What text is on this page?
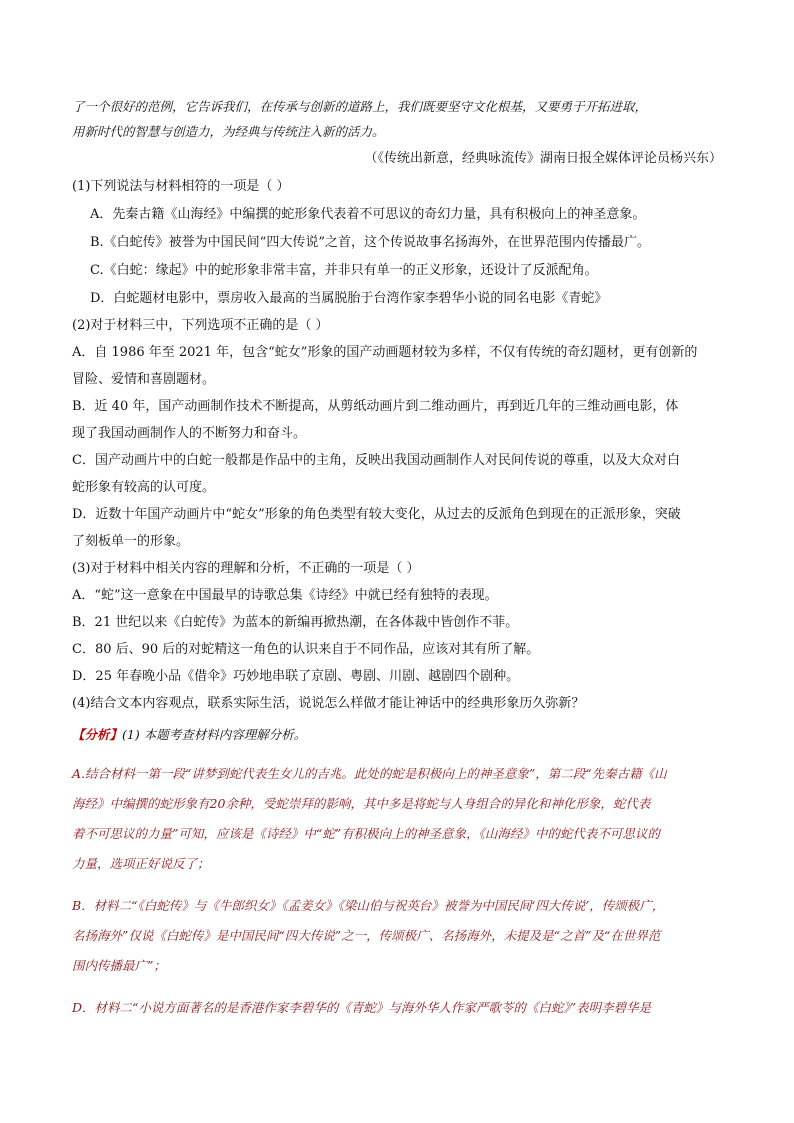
了一个很好的范例，它告诉我们，在传承与创新的道路上，我们既要坚守文化根基，又要勇于开拓进取，
用新时代的智慧与创造力，为经典与传统注入新的活力。
（《传统出新意，经典咏流传》湖南日报全媒体评论员杨兴东）
(1)下列说法与材料相符的一项是（ ）
A．先秦古籍《山海经》中编撰的蛇形象代表着不可思议的奇幻力量，具有积极向上的神圣意象。
B.《白蛇传》被誉为中国民间“四大传说”之首，这个传说故事名扬海外，在世界范围内传播最广。
C.《白蛇：缘起》中的蛇形象非常丰富，并非只有单一的正义形象，还设计了反派配角。
D．白蛇题材电影中，票房收入最高的当属脱胎于台湾作家李碧华小说的同名电影《青蛇》
(2)对于材料三中，下列选项不正确的是（ ）
A．自 1986 年至 2021 年，包含“蛇女”形象的国产动画题材较为多样，不仅有传统的奇幻题材，更有创新的
冒险、爱情和喜剧题材。
B．近 40 年，国产动画制作技术不断提高，从剪纸动画片到二维动画片，再到近几年的三维动画电影，体
现了我国动画制作人的不断努力和奋斗。
C．国产动画片中的白蛇一般都是作品中的主角，反映出我国动画制作人对民间传说的尊重，以及大众对白
蛇形象有较高的认可度。
D．近数十年国产动画片中“蛇女”形象的角色类型有较大变化，从过去的反派角色到现在的正派形象，突破
了刻板单一的形象。
(3)对于材料中相关内容的理解和分析，不正确的一项是（ ）
A．“蛇”这一意象在中国最早的诗歌总集《诗经》中就已经有独特的表现。
B．21 世纪以来《白蛇传》为蓝本的新编再掀热潮，在各体裁中皆创作不菲。
C．80 后、90 后的对蛇精这一角色的认识来自于不同作品，应该对其有所了解。
D．25 年春晚小品《借伞》巧妙地串联了京剧、粤剧、川剧、越剧四个剧种。
(4)结合文本内容观点，联系实际生活，说说怎么样做才能让神话中的经典形象历久弥新？
【分析】(1) 本题考查材料内容理解分析。
A.结合材料一第一段“讲梦到蛇代表生女儿的吉兆。此处的蛇是积极向上的神圣意象”，第二段“先秦古籍《山
海经》中编撰的蛇形象有20余种，受蛇崇拜的影响，其中多是将蛇与人身组合的异化和神化形象，蛇代表
着不可思议的力量”可知，应该是《诗经》中“蛇”有积极向上的神圣意象，《山海经》中的蛇代表不可思议的
力量，选项正好说反了；
B．材料二“《白蛇传》与《牛郎织女》《孟姜女》《梁山伯与祝英台》被誉为中国民间‘四大传说’，传颂极广，
名扬海外”仅说《白蛇传》是中国民间“四大传说”之一，传颂极广、名扬海外，未提及是“之首”及“在世界范
围内传播最广”；
D．材料二“小说方面著名的是香港作家李碧华的《青蛇》与海外华人作家严歌苓的《白蛇》”表明李碧华是
